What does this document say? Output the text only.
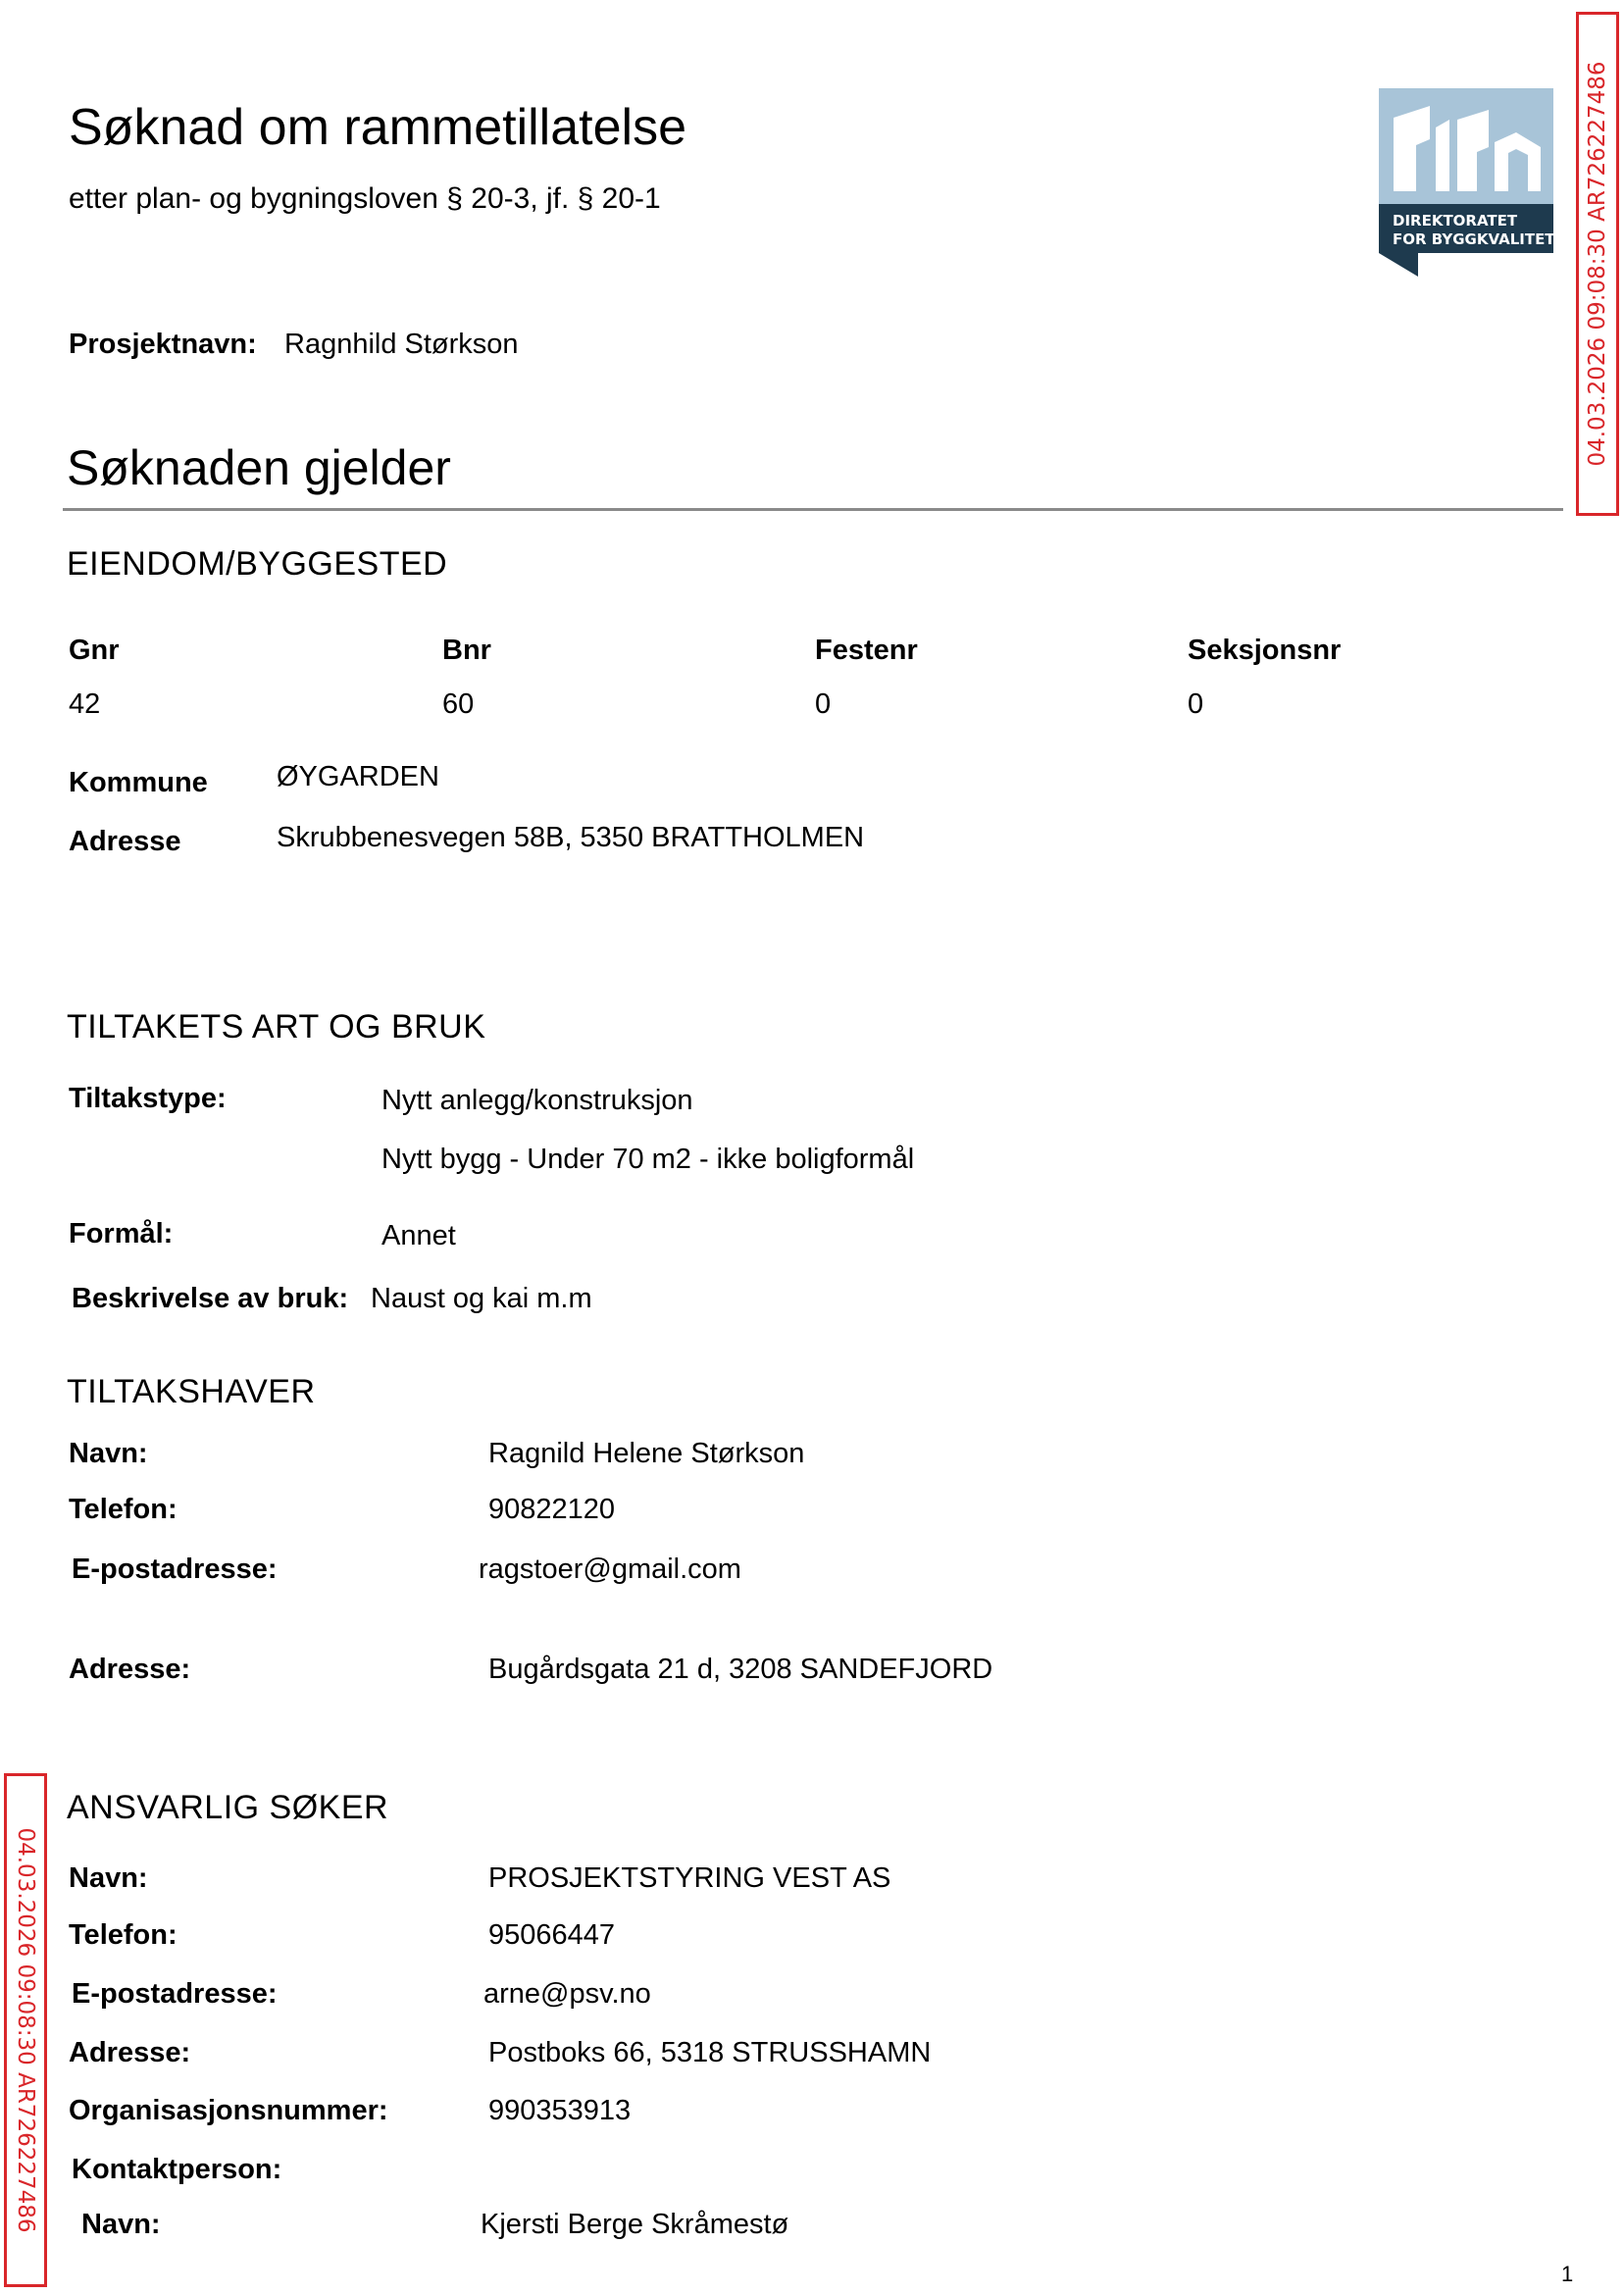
Søknad om rammetillatelse
etter plan- og bygningsloven § 20-3, jf. § 20-1
Prosjektnavn: Ragnhild Størkson
DIREKTORATET
FOR BYGGKVALITET 04.03.2026 09:08:30 AR726227486
04.03.2026 09:08:30 AR726227486
Søknaden gjelder
EIENDOM/BYGGESTED
Gnr	Bnr	Festenr	Seksjonsnr
42	60	0	0
Kommune ØYGARDEN
Adresse	Skrubbenesvegen 58B, 5350 BRATTHOLMEN
TILTAKETS ART OG BRUK
Tiltakstype:	Nytt anlegg/konstruksjon
Nytt bygg - Under 70 m2 - ikke boligformål
Formål:	Annet
Beskrivelse av bruk: Naust og kai m.m
TILTAKSHAVER
Navn:	Ragnild Helene Størkson
Telefon:	90822120
E-postadresse:	ragstoer@gmail.com
Adresse:	Bugårdsgata 21 d, 3208 SANDEFJORD
ANSVARLIG SØKER
Navn:	PROSJEKTSTYRING VEST AS
Telefon:	95066447
E-postadresse:	arne@psv.no
Adresse:	Postboks 66, 5318 STRUSSHAMN
Organisasjonsnummer:	990353913
Kontaktperson:
Navn:	Kjersti Berge Skråmestø
1
